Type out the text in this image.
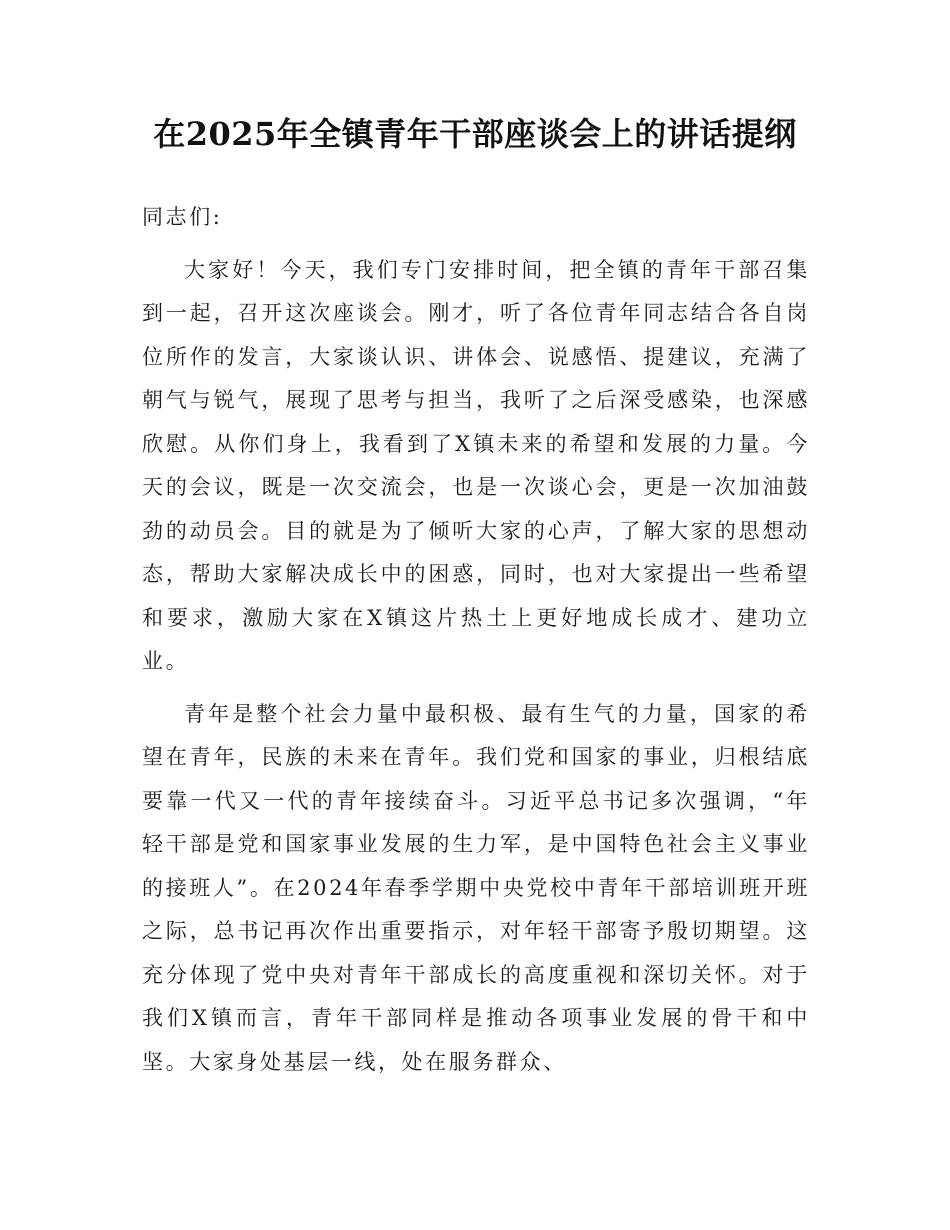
在2025年全镇青年干部座谈会上的讲话提纲

同志们:

大家好！今天，我们专门安排时间，把全镇的青年干部召集到一起，召开这次座谈会。刚才，听了各位青年同志结合各自岗位所作的发言，大家谈认识、讲体会、说感悟、提建议，充满了朝气与锐气，展现了思考与担当，我听了之后深受感染，也深感欣慰。从你们身上，我看到了X镇未来的希望和发展的力量。今天的会议，既是一次交流会，也是一次谈心会，更是一次加油鼓劲的动员会。目的就是为了倾听大家的心声，了解大家的思想动态，帮助大家解决成长中的困惑，同时，也对大家提出一些希望和要求，激励大家在X镇这片热土上更好地成长成才、建功立业。

青年是整个社会力量中最积极、最有生气的力量，国家的希望在青年，民族的未来在青年。我们党和国家的事业，归根结底要靠一代又一代的青年接续奋斗。习近平总书记多次强调，“年轻干部是党和国家事业发展的生力军，是中国特色社会主义事业的接班人”。在2024年春季学期中央党校中青年干部培训班开班之际，总书记再次作出重要指示，对年轻干部寄予殷切期望。这充分体现了党中央对青年干部成长的高度重视和深切关怀。对于我们X镇而言，青年干部同样是推动各项事业发展的骨干和中坚。大家身处基层一线，处在服务群众、
